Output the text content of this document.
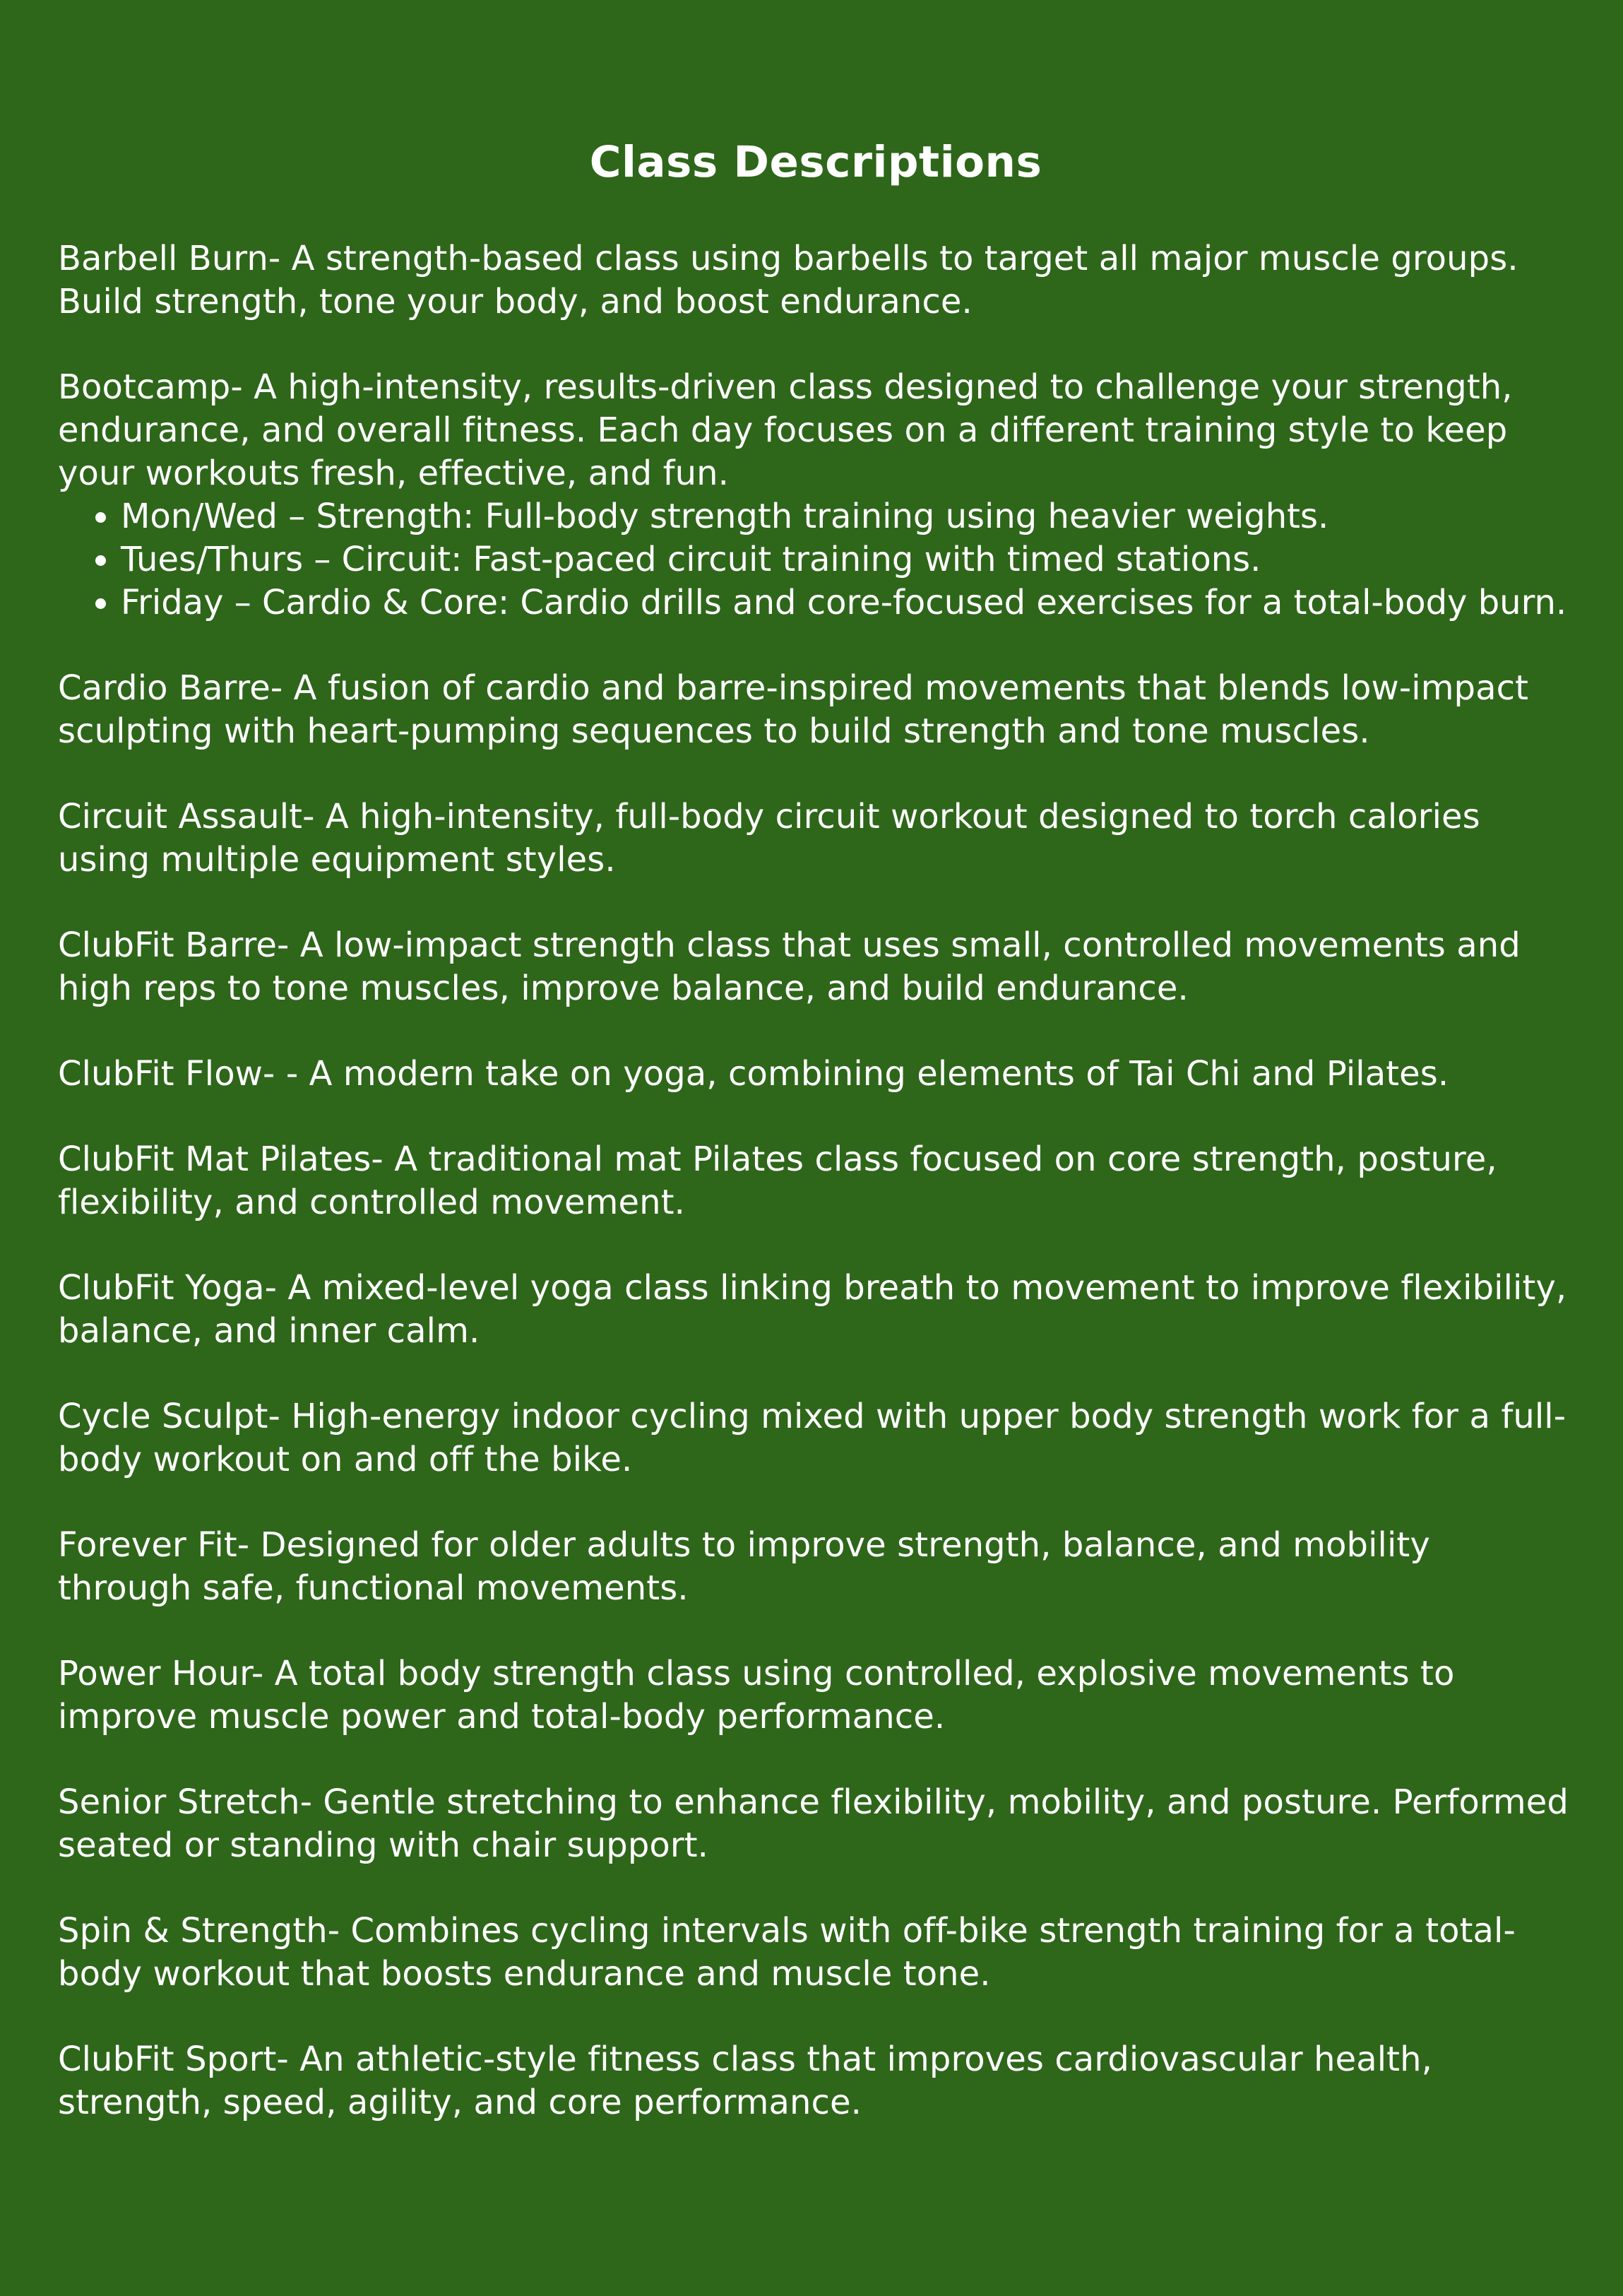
Class Descriptions

Barbell Burn- A strength-based class using barbells to target all major muscle groups. Build strength, tone your body, and boost endurance.

Bootcamp- A high-intensity, results-driven class designed to challenge your strength, endurance, and overall fitness. Each day focuses on a different training style to keep your workouts fresh, effective, and fun.

• Mon/Wed – Strength: Full-body strength training using heavier weights.
• Tues/Thurs – Circuit: Fast-paced circuit training with timed stations.
• Friday – Cardio & Core: Cardio drills and core-focused exercises for a total-body burn.

Cardio Barre- A fusion of cardio and barre-inspired movements that blends low-impact sculpting with heart-pumping sequences to build strength and tone muscles.

Circuit Assault- A high-intensity, full-body circuit workout designed to torch calories using multiple equipment styles.

ClubFit Barre- A low-impact strength class that uses small, controlled movements and high reps to tone muscles, improve balance, and build endurance.

ClubFit Flow- - A modern take on yoga, combining elements of Tai Chi and Pilates.

ClubFit Mat Pilates- A traditional mat Pilates class focused on core strength, posture, flexibility, and controlled movement.

ClubFit Yoga- A mixed-level yoga class linking breath to movement to improve flexibility, balance, and inner calm.

Cycle Sculpt- High-energy indoor cycling mixed with upper body strength work for a full-body workout on and off the bike.

Forever Fit- Designed for older adults to improve strength, balance, and mobility through safe, functional movements.

Power Hour- A total body strength class using controlled, explosive movements to improve muscle power and total-body performance.

Senior Stretch- Gentle stretching to enhance flexibility, mobility, and posture. Performed seated or standing with chair support.

Spin & Strength- Combines cycling intervals with off-bike strength training for a total-body workout that boosts endurance and muscle tone.

ClubFit Sport- An athletic-style fitness class that improves cardiovascular health, strength, speed, agility, and core performance.
